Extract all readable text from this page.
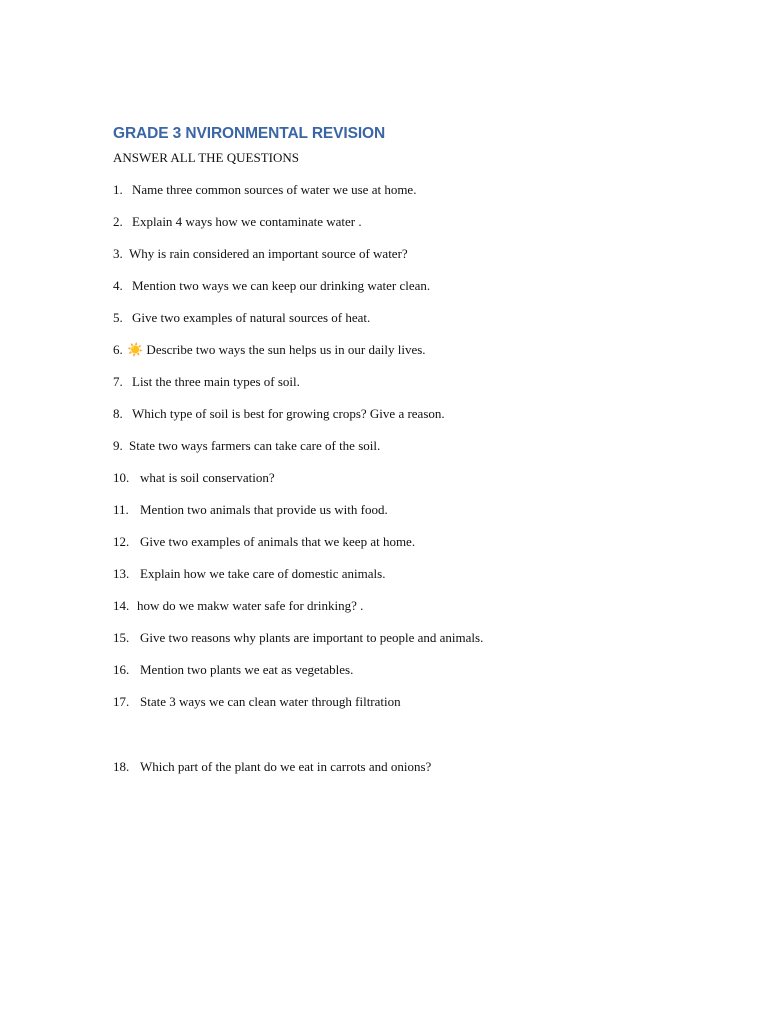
GRADE 3 NVIRONMENTAL REVISION
ANSWER ALL THE QUESTIONS
1. Name three common sources of water we use at home.
2. Explain 4 ways how we contaminate water .
3. Why is rain considered an important source of water?
4. Mention two ways we can keep our drinking water clean.
5. Give two examples of natural sources of heat.
6. ☀️ Describe two ways the sun helps us in our daily lives.
7. List the three main types of soil.
8. Which type of soil is best for growing crops? Give a reason.
9. State two ways farmers can take care of the soil.
10. what is soil conservation?
11. Mention two animals that provide us with food.
12. Give two examples of animals that we keep at home.
13. Explain how we take care of domestic animals.
14. how do we makw water safe for drinking? .
15. Give two reasons why plants are important to people and animals.
16. Mention two plants we eat as vegetables.
17. State 3 ways we can clean water through filtration
18. Which part of the plant do we eat in carrots and onions?
